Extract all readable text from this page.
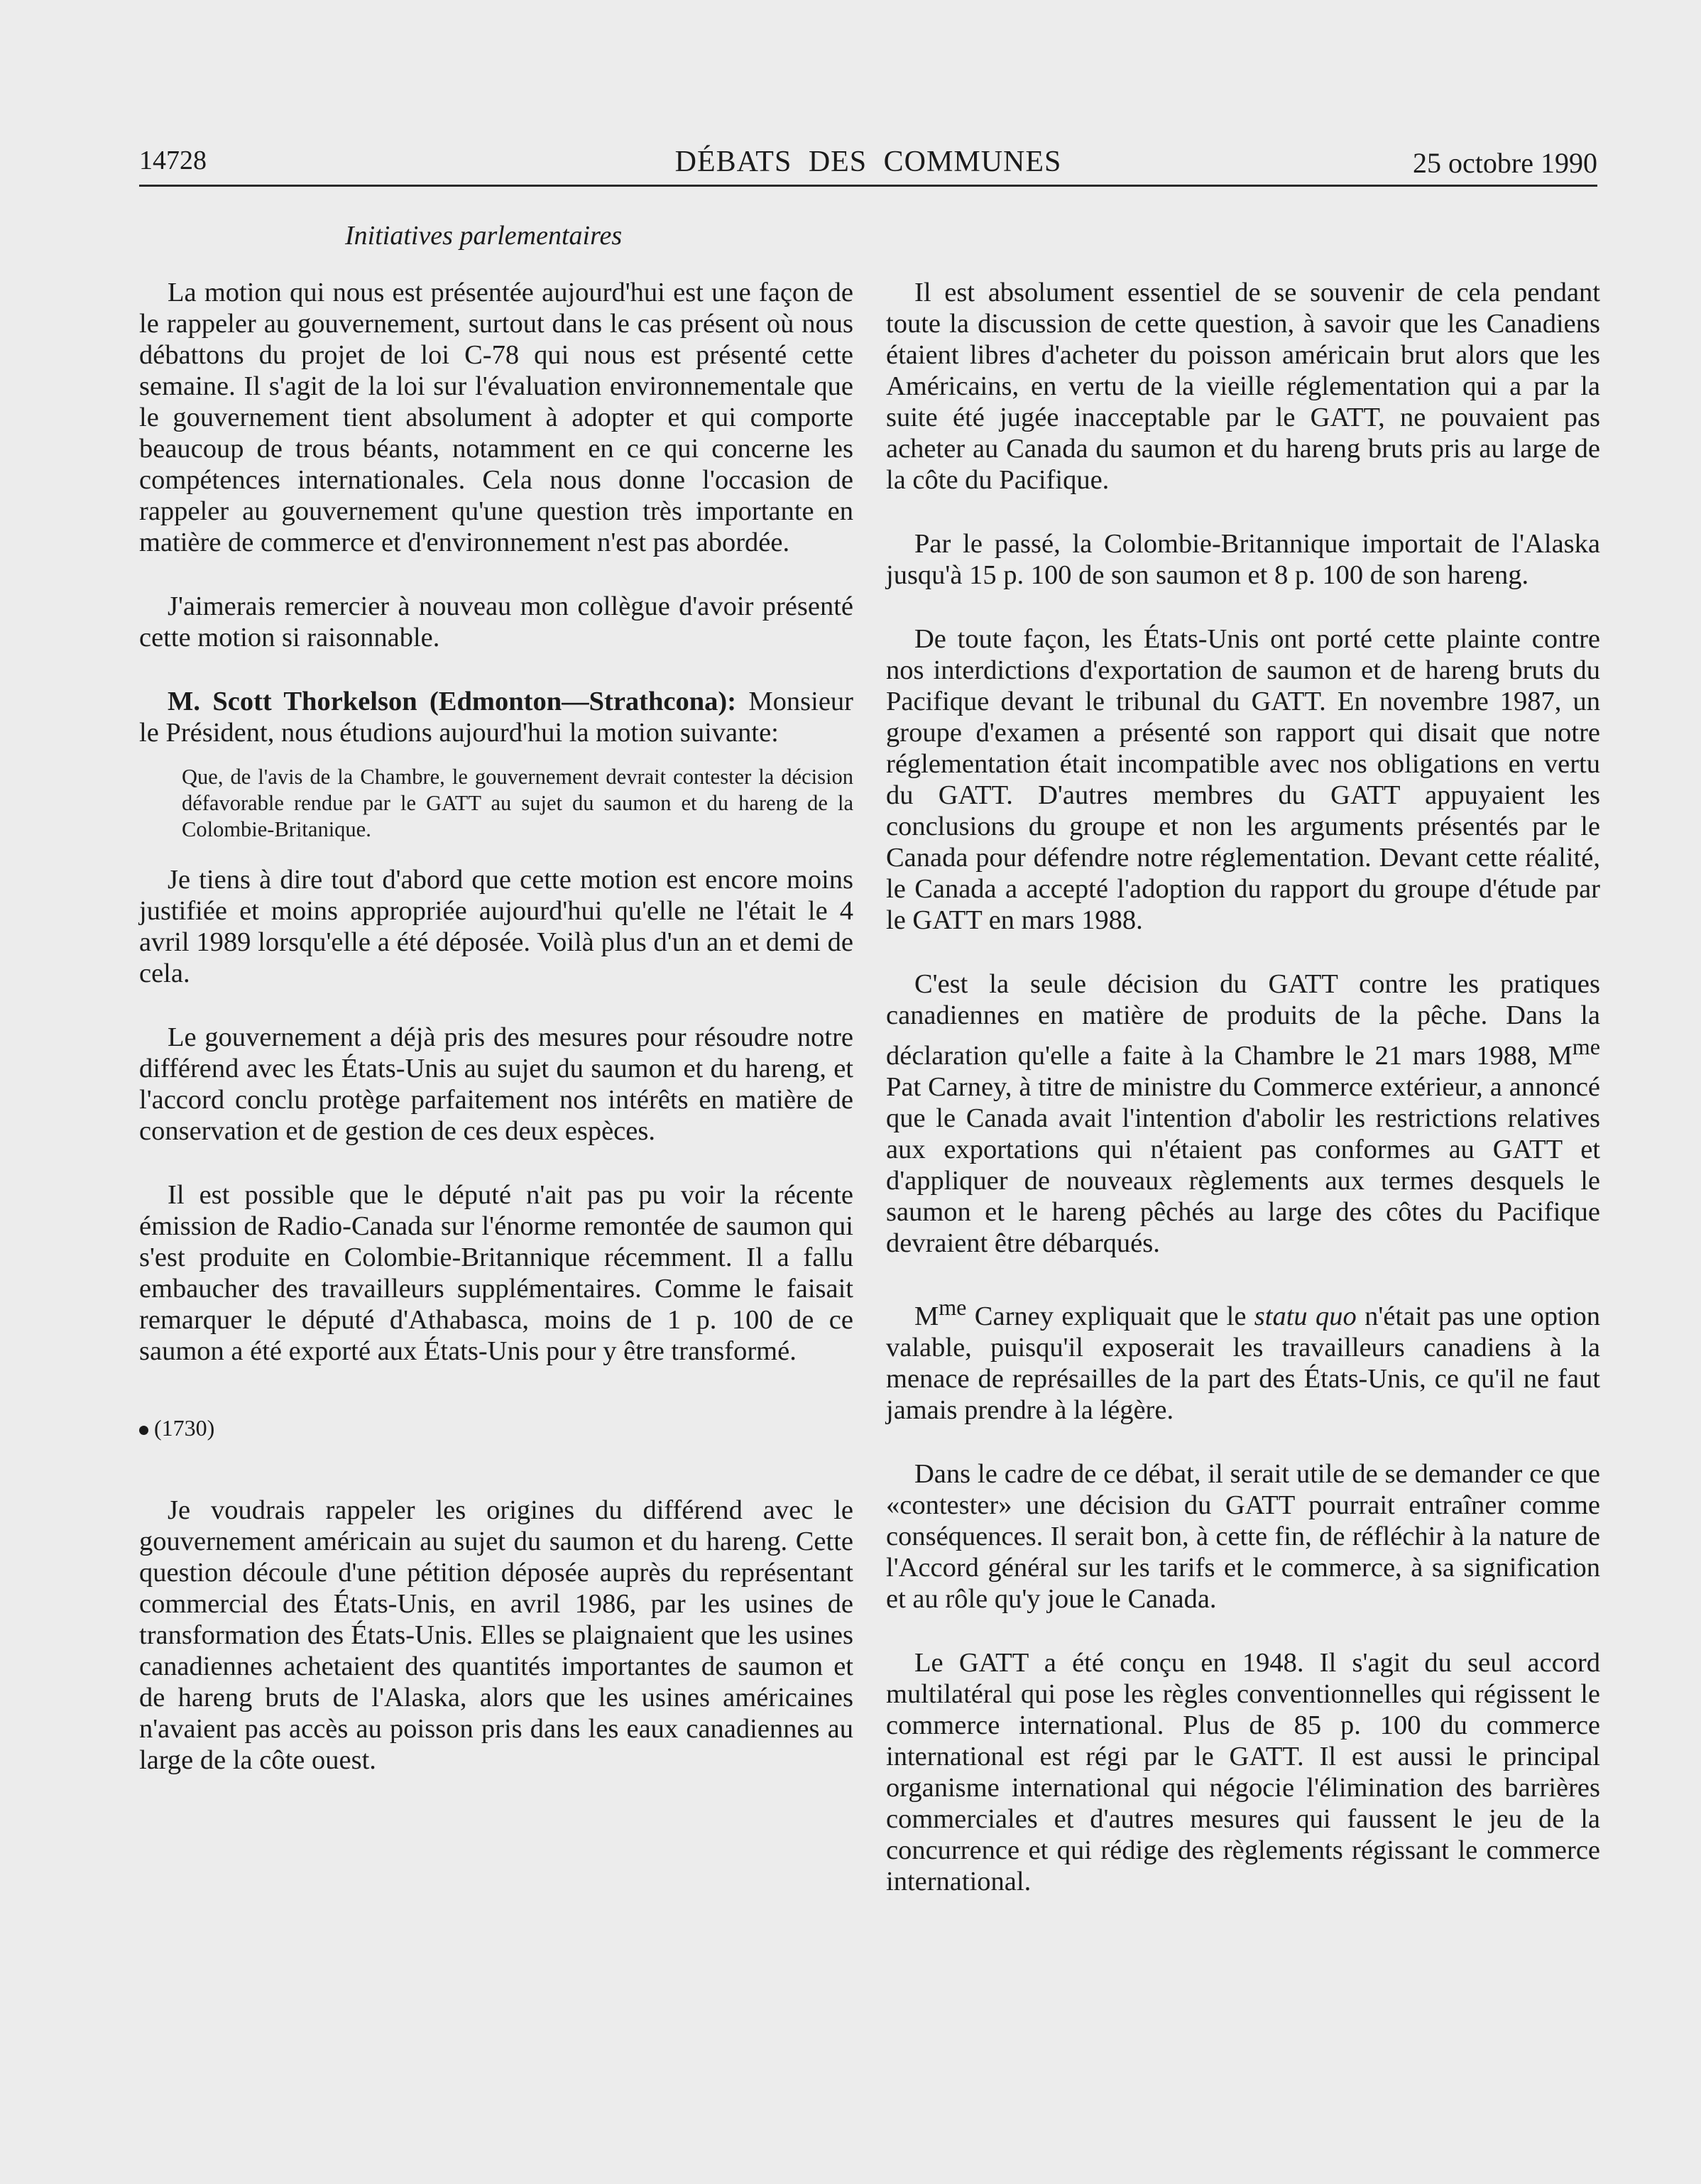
14728	DÉBATS DES COMMUNES	25 octobre 1990
Initiatives parlementaires

La motion qui nous est présentée aujourd'hui est une façon de le rappeler au gouvernement, surtout dans le cas présent où nous débattons du projet de loi C-78 qui nous est présenté cette semaine. Il s'agit de la loi sur l'évaluation environnementale que le gouvernement tient absolument à adopter et qui comporte beaucoup de trous béants, notamment en ce qui concerne les compétences internationales. Cela nous donne l'occasion de rappeler au gouvernement qu'une question très importante en matière de commerce et d'environnement n'est pas abordée.

J'aimerais remercier à nouveau mon collègue d'avoir présenté cette motion si raisonnable.

M. Scott Thorkelson (Edmonton—Strathcona): Monsieur le Président, nous étudions aujourd'hui la motion suivante:

Que, de l'avis de la Chambre, le gouvernement devrait contester la décision défavorable rendue par le GATT au sujet du saumon et du hareng de la Colombie-Britanique.

Je tiens à dire tout d'abord que cette motion est encore moins justifiée et moins appropriée aujourd'hui qu'elle ne l'était le 4 avril 1989 lorsqu'elle a été déposée. Voilà plus d'un an et demi de cela.

Le gouvernement a déjà pris des mesures pour résoudre notre différend avec les États-Unis au sujet du saumon et du hareng, et l'accord conclu protège parfaitement nos intérêts en matière de conservation et de gestion de ces deux espèces.

Il est possible que le député n'ait pas pu voir la récente émission de Radio-Canada sur l'énorme remontée de saumon qui s'est produite en Colombie-Britannique récemment. Il a fallu embaucher des travailleurs supplémentaires. Comme le faisait remarquer le député d'Athabasca, moins de 1 p. 100 de ce saumon a été exporté aux États-Unis pour y être transformé.

(1730)

Je voudrais rappeler les origines du différend avec le gouvernement américain au sujet du saumon et du hareng. Cette question découle d'une pétition déposée auprès du représentant commercial des États-Unis, en avril 1986, par les usines de transformation des États-Unis. Elles se plaignaient que les usines canadiennes achetaient des quantités importantes de saumon et de hareng bruts de l'Alaska, alors que les usines américaines n'avaient pas accès au poisson pris dans les eaux canadiennes au large de la côte ouest.

Il est absolument essentiel de se souvenir de cela pendant toute la discussion de cette question, à savoir que les Canadiens étaient libres d'acheter du poisson américain brut alors que les Américains, en vertu de la vieille réglementation qui a par la suite été jugée inacceptable par le GATT, ne pouvaient pas acheter au Canada du saumon et du hareng bruts pris au large de la côte du Pacifique.

Par le passé, la Colombie-Britannique importait de l'Alaska jusqu'à 15 p. 100 de son saumon et 8 p. 100 de son hareng.

De toute façon, les États-Unis ont porté cette plainte contre nos interdictions d'exportation de saumon et de hareng bruts du Pacifique devant le tribunal du GATT. En novembre 1987, un groupe d'examen a présenté son rapport qui disait que notre réglementation était incompatible avec nos obligations en vertu du GATT. D'autres membres du GATT appuyaient les conclusions du groupe et non les arguments présentés par le Canada pour défendre notre réglementation. Devant cette réalité, le Canada a accepté l'adoption du rapport du groupe d'étude par le GATT en mars 1988.

C'est la seule décision du GATT contre les pratiques canadiennes en matière de produits de la pêche. Dans la déclaration qu'elle a faite à la Chambre le 21 mars 1988, $M^{me}$ Pat Carney, à titre de ministre du Commerce extérieur, a annoncé que le Canada avait l'intention d'abolir les restrictions relatives aux exportations qui n'étaient pas conformes au GATT et d'appliquer de nouveaux règlements aux termes desquels le saumon et le hareng pêchés au large des côtes du Pacifique devraient être débarqués.

$M^{me}$ Carney expliquait que le statu quo n'était pas une option valable, puisqu'il exposerait les travailleurs canadiens à la menace de représailles de la part des États-Unis, ce qu'il ne faut jamais prendre à la légère.

Dans le cadre de ce débat, il serait utile de se demander ce que «contester» une décision du GATT pourrait entraîner comme conséquences. Il serait bon, à cette fin, de réfléchir à la nature de l'Accord général sur les tarifs et le commerce, à sa signification et au rôle qu'y joue le Canada.

Le GATT a été conçu en 1948. Il s'agit du seul accord multilatéral qui pose les règles conventionnelles qui régissent le commerce international. Plus de 85 p. 100 du commerce international est régi par le GATT. Il est aussi le principal organisme international qui négocie l'élimination des barrières commerciales et d'autres mesures qui faussent le jeu de la concurrence et qui rédige des règlements régissant le commerce international.
